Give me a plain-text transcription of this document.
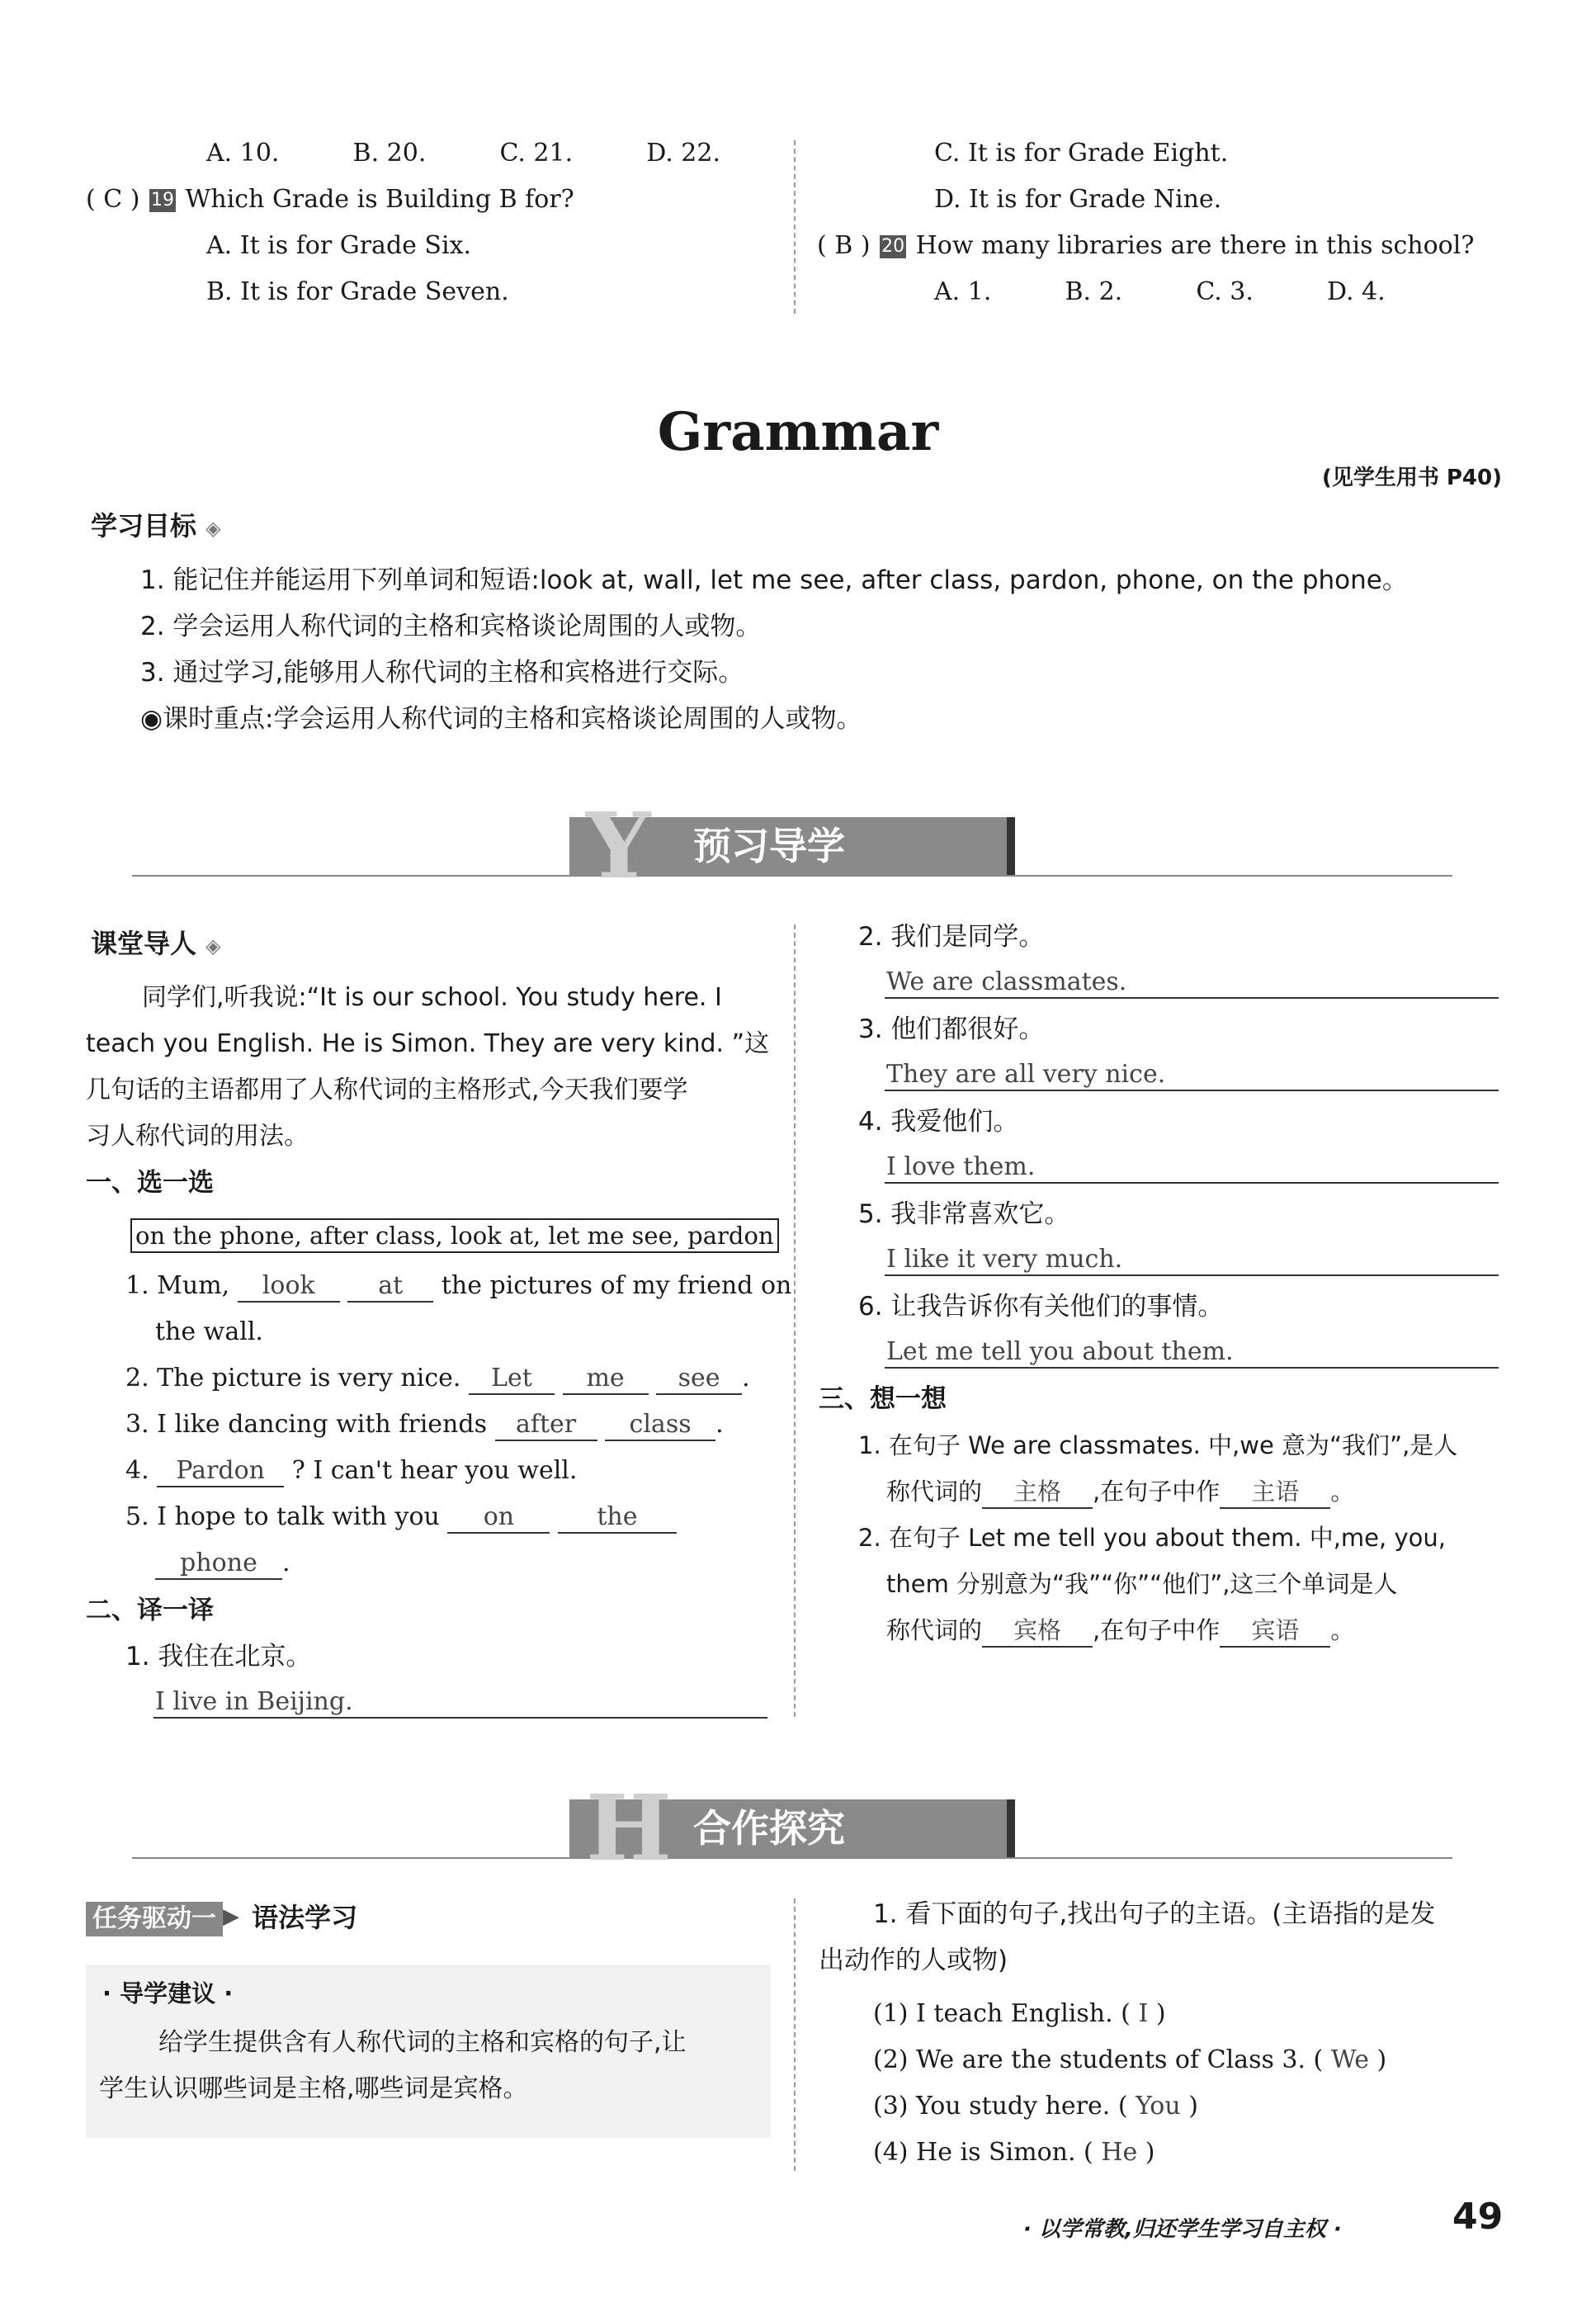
A. 10.	B. 20.	C. 21.	D. 22.
( C ) 19 Which Grade is Building B for?
A. It is for Grade Six.
B. It is for Grade Seven.
C. It is for Grade Eight.
D. It is for Grade Nine.
( B ) 20 How many libraries are there in this school?
A. 1.	B. 2.	C. 3.	D. 4.
Grammar
(见学生用书 P40)
学习目标 ◈
1. 能记住并能运用下列单词和短语:look at, wall, let me see, after class, pardon, phone, on the phone。
2. 学会运用人称代词的主格和宾格谈论周围的人或物。
3. 通过学习,能够用人称代词的主格和宾格进行交际。
◉课时重点:学会运用人称代词的主格和宾格谈论周围的人或物。
Y 预习导学
课堂导人 ◈
同学们,听我说:“It is our school. You study here. I
teach you English. He is Simon. They are very kind. ”这
几句话的主语都用了人称代词的主格形式,今天我们要学
习人称代词的用法。
一、选一选
on the phone, after class, look at, let me see, pardon
1. Mum, look	at the pictures of my friend on
the wall.
2. The picture is very nice. Let me see .
3. I like dancing with friends after class .
4. Pardon ? I can't hear you well.
5. I hope to talk with you on	the
phone .
二、译一译
1. 我住在北京。
I live in Beijing.
2. 我们是同学。
We are classmates.
3. 他们都很好。
They are all very nice.
4. 我爱他们。
I love them.
5. 我非常喜欢它。
I like it very much.
6. 让我告诉你有关他们的事情。
Let me tell you about them.
三、想一想
1. 在句子 We are classmates. 中,we 意为“我们”,是人
称代词的 主格 ,在句子中作 主语 。
2. 在句子 Let me tell you about them. 中,me, you,
them 分别意为“我”“你”“他们”,这三个单词是人
称代词的 宾格 ,在句子中作 宾语 。
H 合作探究
任务驱动一 ▶ 语法学习
· 导学建议 ·
给学生提供含有人称代词的主格和宾格的句子,让
学生认识哪些词是主格,哪些词是宾格。
1. 看下面的句子,找出句子的主语。(主语指的是发
出动作的人或物)
(1) I teach English. ( I )
(2) We are the students of Class 3. ( We )
(3) You study here. ( You )
(4) He is Simon. ( He )
· 以学常教,归还学生学习自主权 ·	49
